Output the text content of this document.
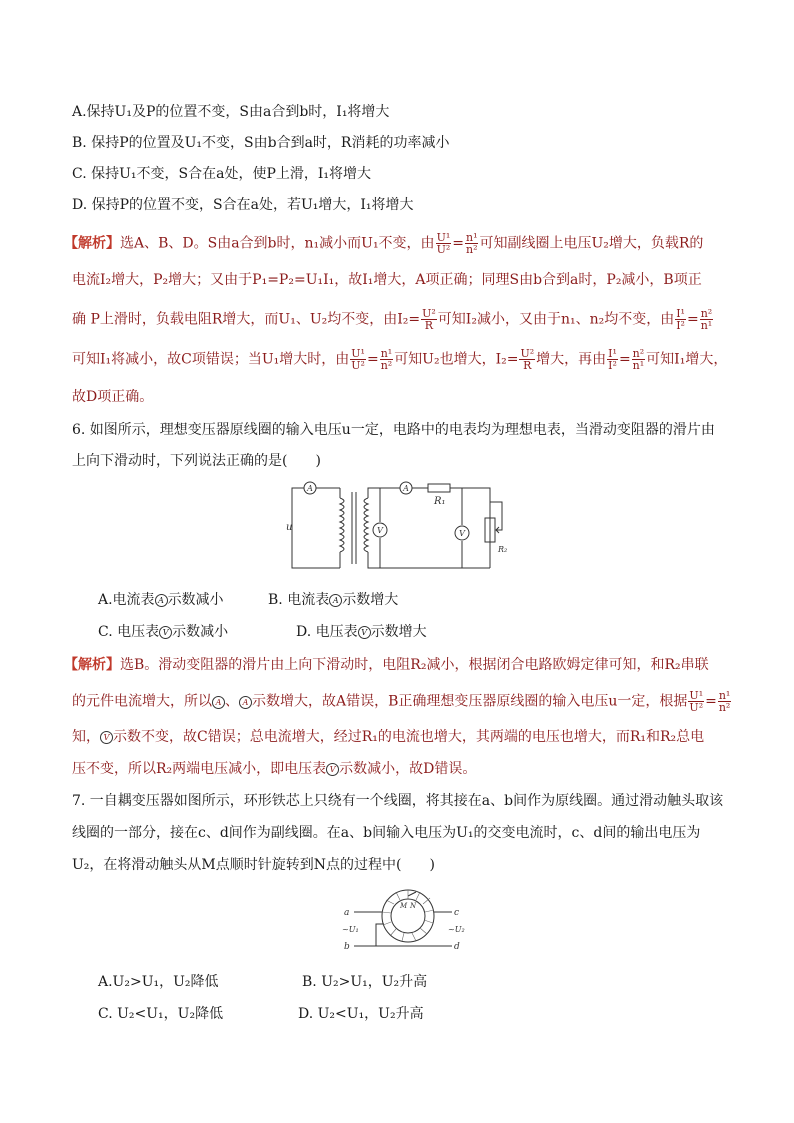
A.保持U₁及P的位置不变，S由a合到b时，I₁将增大
B. 保持P的位置及U₁不变，S由b合到a时，R消耗的功率减小
C. 保持U₁不变，S合在a处，使P上滑，I₁将增大
D. 保持P的位置不变，S合在a处，若U₁增大，I₁将增大
【解析】选A、B、D。S由a合到b时，n₁减小而U₁不变，由 $\frac{\text{U¹}}{\text{U²}} = \frac{\text{n¹}}{\text{n²}}$ 可知副线圈上电压U₂增大，负载R的
电流I₂增大，P₂增大；又由于P₁=P₂=U₁I₁，故I₁增大，A项正确；同理S由b合到a时，P₂减小，B项正
确 P上滑时，负载电阻R增大，而U₁、U₂均不变，由$I_2= \frac{\text{U²}}{R}$ 可知I₂减小，又由于n₁、n₂均不变，由 $\frac{\text{I¹}}{\text{I²}} = \frac{\text{n²}}{\text{n¹}}$
可知I₁将减小，故C项错误；当U₁增大时，由 $\frac{\text{U¹}}{\text{U²}} = \frac{\text{n¹}}{\text{n²}}$ 可知U₂也增大，$I_2= \frac{\text{U²}}{R}$ 增大，再由 $\frac{\text{I¹}}{\text{I²}} = \frac{\text{n²}}{\text{n¹}}$ 可知I₁增大，
故D项正确。
6. 如图所示，理想变压器原线圈的输入电压u一定，电路中的电表均为理想电表，当滑动变阻器的滑片由
上向下滑动时，下列说法正确的是(　　)
A	A
V	V
u
R₁
R₂
A.电流表 A 示数减小	B. 电流表 A 示数增大
C. 电压表 V 示数减小	D. 电压表 V 示数增大
【解析】选B。滑动变阻器的滑片由上向下滑动时，电阻R₂减小，根据闭合电路欧姆定律可知，和R₂串联
的元件电流增大，所以 A 、 A 示数增大，故A错误，B正确理想变压器原线圈的输入电压u一定，根据 $\frac{\text{U¹}}{\text{U²}} = \frac{\text{n¹}}{\text{n²}}$
知， V 示数不变，故C错误；总电流增大，经过R₁的电流也增大，其两端的电压也增大，而R₁和R₂总电
压不变，所以R₂两端电压减小，即电压表 V 示数减小，故D错误。
7. 一自耦变压器如图所示，环形铁芯上只绕有一个线圈，将其接在a、b间作为原线圈。通过滑动触头取该
线圈的一部分，接在c、d间作为副线圈。在a、b间输入电压为U₁的交变电流时，c、d间的输出电压为
U₂，在将滑动触头从M点顺时针旋转到N点的过程中(　　)
a
b
~U₁
c
d
~U₂
M N
A.U₂>U₁，U₂降低	B. U₂>U₁，U₂升高
C. U₂<U₁，U₂降低	D. U₂<U₁，U₂升高
